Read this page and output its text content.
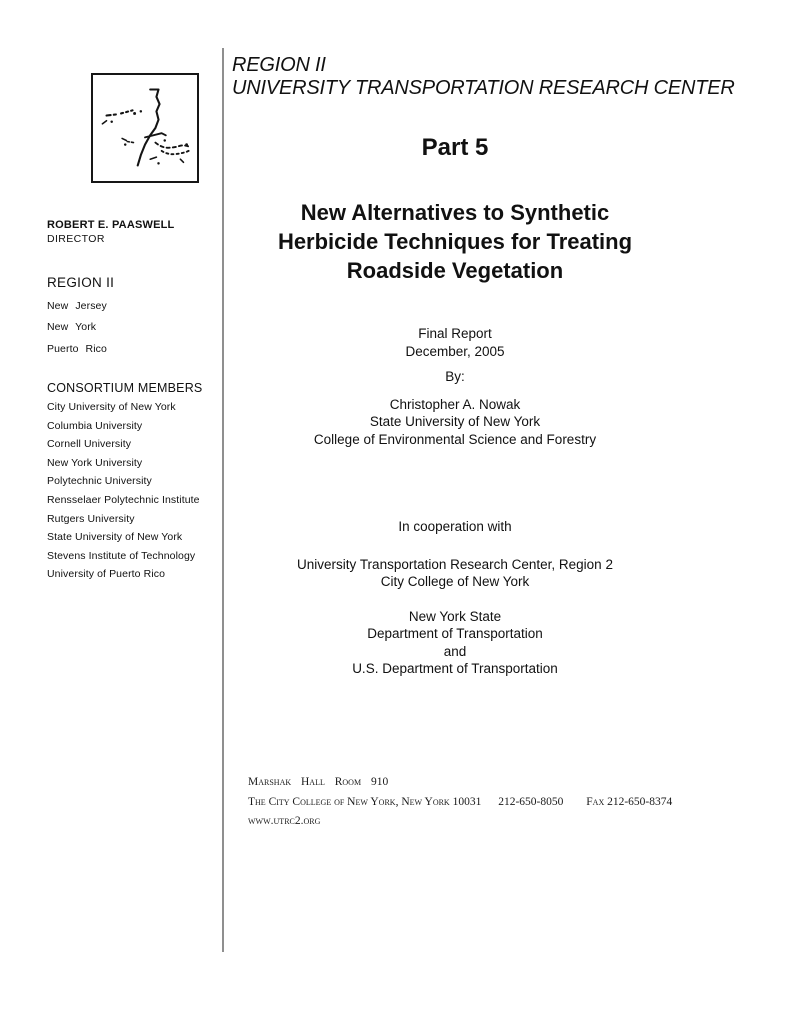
ROBERT E. PAASWELL
DIRECTOR
REGION II
New Jersey
New York
Puerto Rico
CONSORTIUM MEMBERS
City University of New York
Columbia University
Cornell University
New York University
Polytechnic University
Rensselaer Polytechnic Institute
Rutgers University
State University of New York
Stevens Institute of Technology
University of Puerto Rico
REGION II
UNIVERSITY TRANSPORTATION RESEARCH CENTER
Part 5
New Alternatives to Synthetic
Herbicide Techniques for Treating
Roadside Vegetation
Final Report
December, 2005
By:
Christopher A. Nowak
State University of New York
College of Environmental Science and Forestry
In cooperation with
University Transportation Research Center, Region 2
City College of New York
New York State
Department of Transportation
and
U.S. Department of Transportation
Marshak Hall Room 910
The City College of New York, New York 10031 212-650-8050 Fax 212-650-8374
www.utrc2.org
